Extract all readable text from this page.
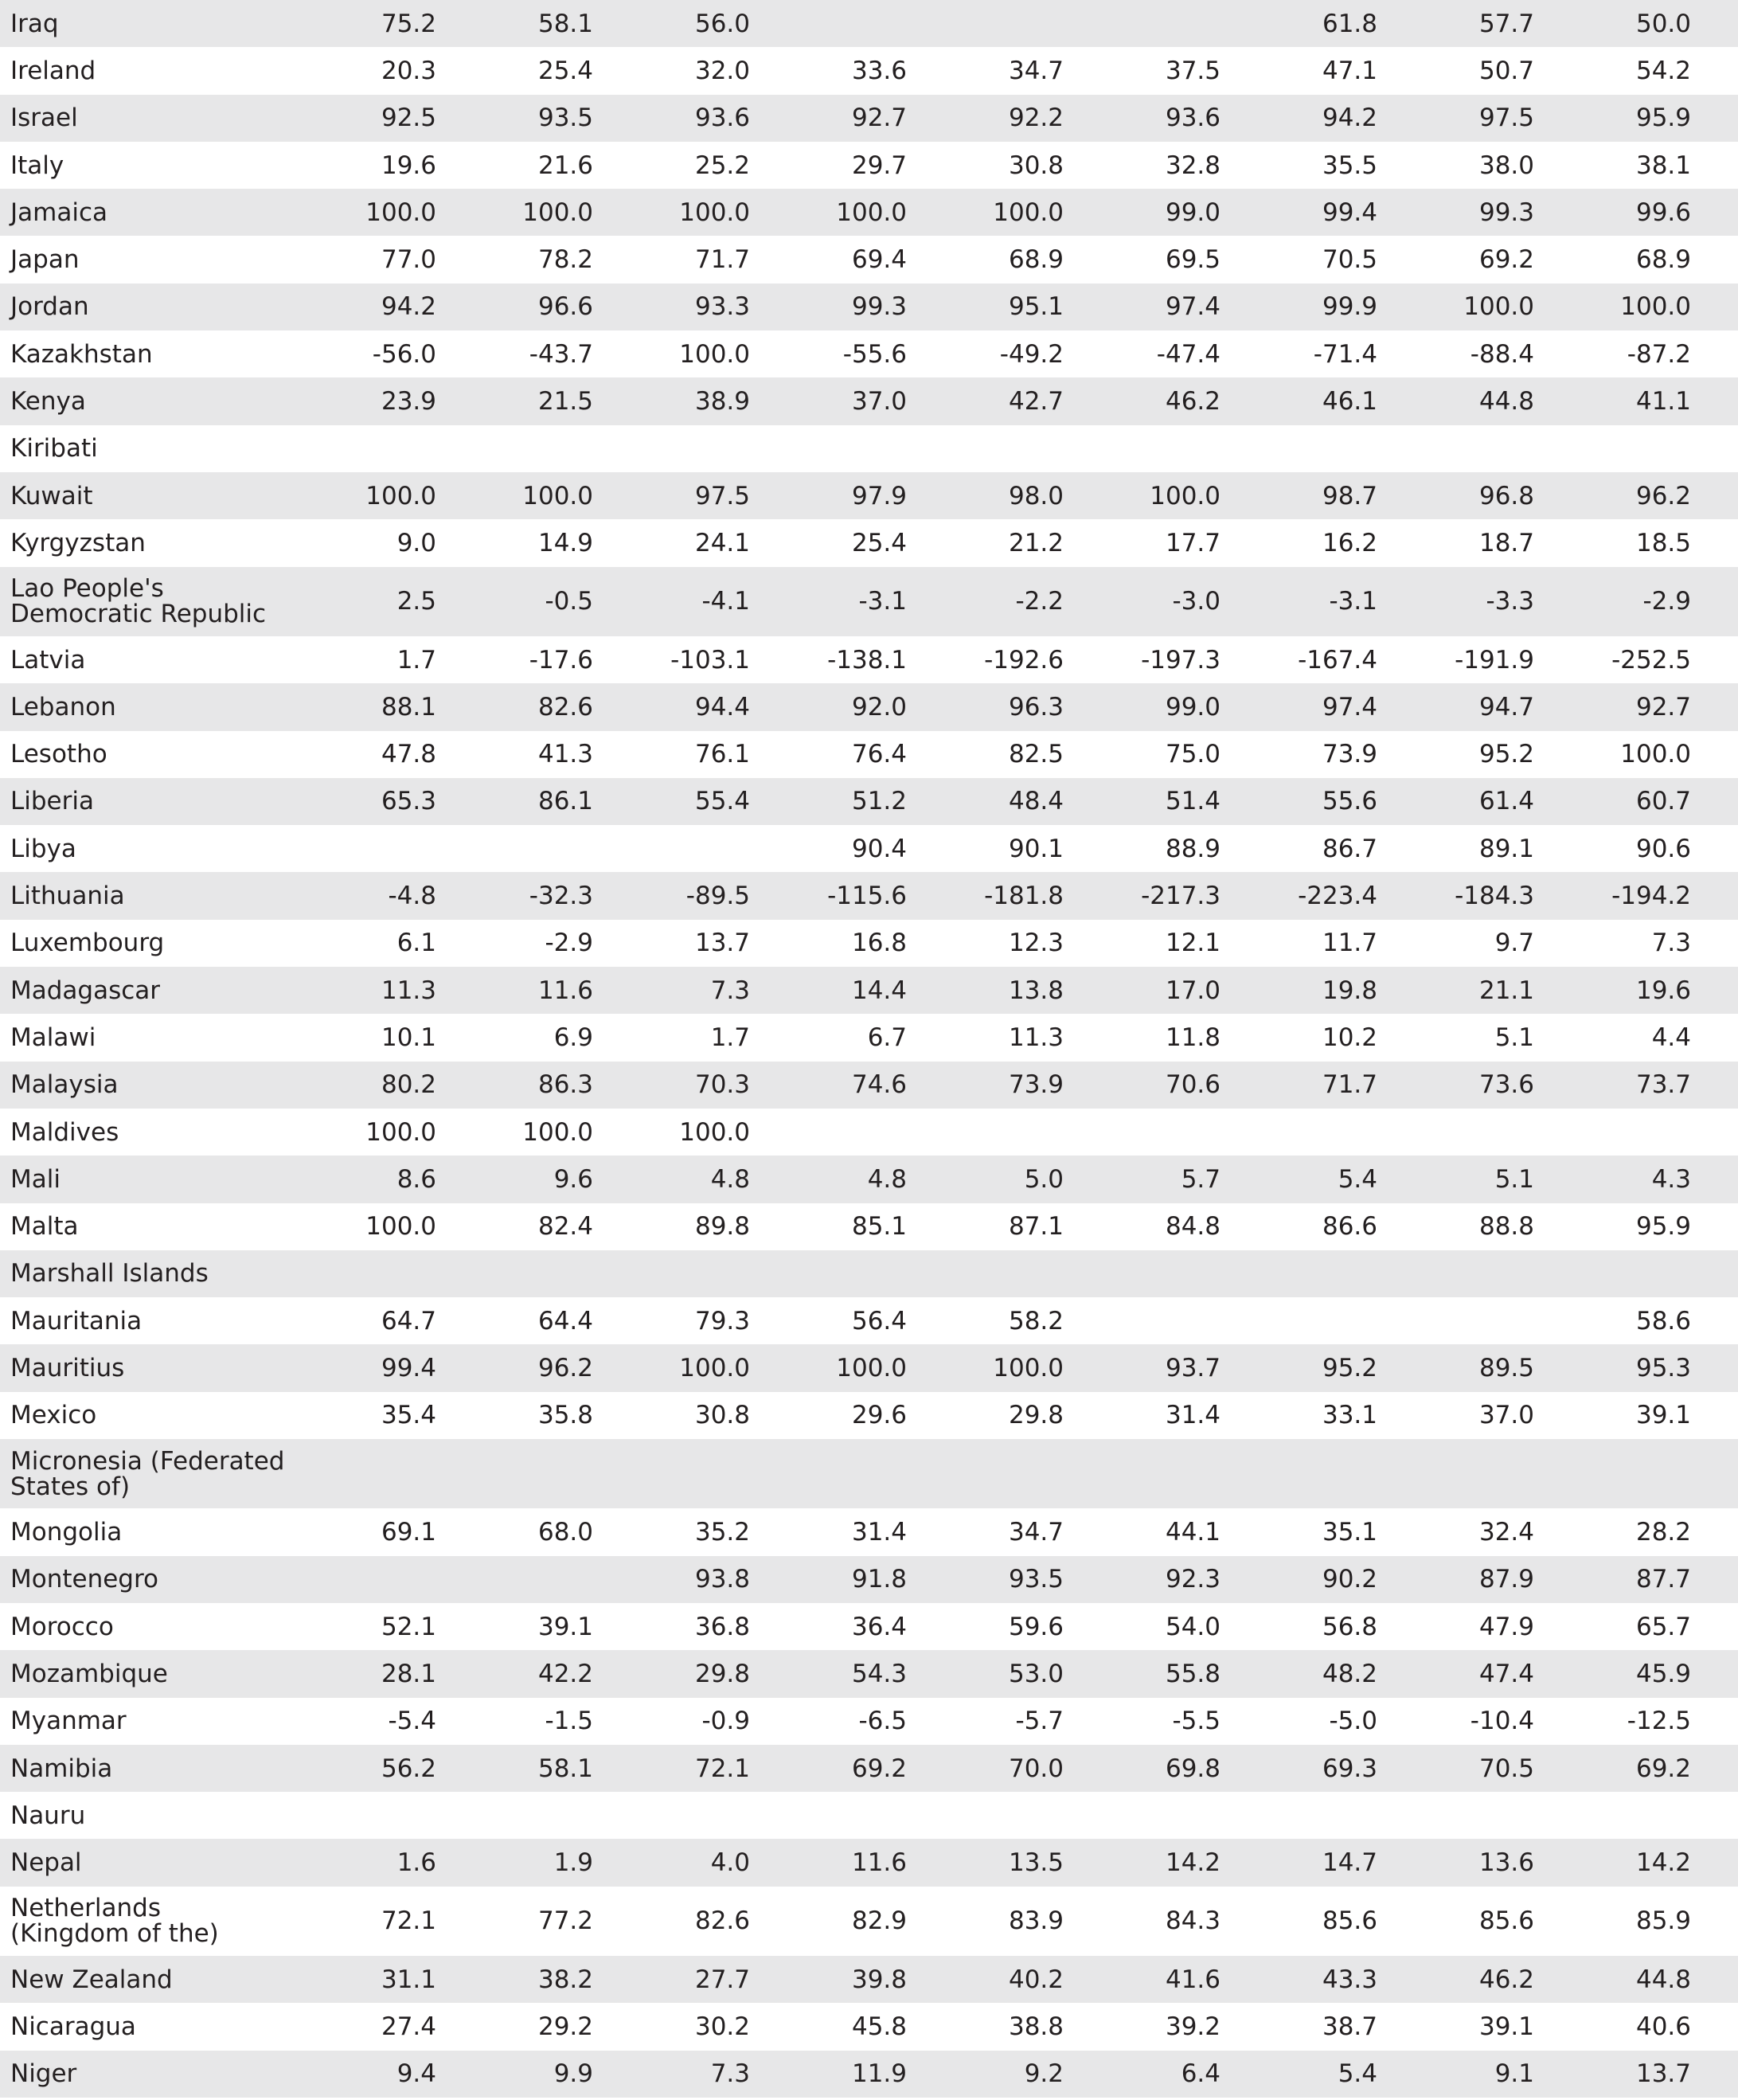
Iraq	75.2	58.1	56.0				61.8	57.7	50.0	
Ireland	20.3	25.4	32.0	33.6	34.7	37.5	47.1	50.7	54.2	
Israel	92.5	93.5	93.6	92.7	92.2	93.6	94.2	97.5	95.9	
Italy	19.6	21.6	25.2	29.7	30.8	32.8	35.5	38.0	38.1	
Jamaica	100.0	100.0	100.0	100.0	100.0	99.0	99.4	99.3	99.6	
Japan	77.0	78.2	71.7	69.4	68.9	69.5	70.5	69.2	68.9	
Jordan	94.2	96.6	93.3	99.3	95.1	97.4	99.9	100.0	100.0	
Kazakhstan	-56.0	-43.7	100.0	-55.6	-49.2	-47.4	-71.4	-88.4	-87.2	
Kenya	23.9	21.5	38.9	37.0	42.7	46.2	46.1	44.8	41.1	
Kiribati										
Kuwait	100.0	100.0	97.5	97.9	98.0	100.0	98.7	96.8	96.2	
Kyrgyzstan	9.0	14.9	24.1	25.4	21.2	17.7	16.2	18.7	18.5	
Lao People's Democratic Republic	2.5	-0.5	-4.1	-3.1	-2.2	-3.0	-3.1	-3.3	-2.9	
Latvia	1.7	-17.6	-103.1	-138.1	-192.6	-197.3	-167.4	-191.9	-252.5	
Lebanon	88.1	82.6	94.4	92.0	96.3	99.0	97.4	94.7	92.7	
Lesotho	47.8	41.3	76.1	76.4	82.5	75.0	73.9	95.2	100.0	
Liberia	65.3	86.1	55.4	51.2	48.4	51.4	55.6	61.4	60.7	
Libya				90.4	90.1	88.9	86.7	89.1	90.6	
Lithuania	-4.8	-32.3	-89.5	-115.6	-181.8	-217.3	-223.4	-184.3	-194.2	
Luxembourg	6.1	-2.9	13.7	16.8	12.3	12.1	11.7	9.7	7.3	
Madagascar	11.3	11.6	7.3	14.4	13.8	17.0	19.8	21.1	19.6	
Malawi	10.1	6.9	1.7	6.7	11.3	11.8	10.2	5.1	4.4	
Malaysia	80.2	86.3	70.3	74.6	73.9	70.6	71.7	73.6	73.7	
Maldives	100.0	100.0	100.0							
Mali	8.6	9.6	4.8	4.8	5.0	5.7	5.4	5.1	4.3	
Malta	100.0	82.4	89.8	85.1	87.1	84.8	86.6	88.8	95.9	
Marshall Islands										
Mauritania	64.7	64.4	79.3	56.4	58.2				58.6	
Mauritius	99.4	96.2	100.0	100.0	100.0	93.7	95.2	89.5	95.3	
Mexico	35.4	35.8	30.8	29.6	29.8	31.4	33.1	37.0	39.1	
Micronesia (Federated States of)										
Mongolia	69.1	68.0	35.2	31.4	34.7	44.1	35.1	32.4	28.2	
Montenegro			93.8	91.8	93.5	92.3	90.2	87.9	87.7	
Morocco	52.1	39.1	36.8	36.4	59.6	54.0	56.8	47.9	65.7	
Mozambique	28.1	42.2	29.8	54.3	53.0	55.8	48.2	47.4	45.9	
Myanmar	-5.4	-1.5	-0.9	-6.5	-5.7	-5.5	-5.0	-10.4	-12.5	
Namibia	56.2	58.1	72.1	69.2	70.0	69.8	69.3	70.5	69.2	
Nauru										
Nepal	1.6	1.9	4.0	11.6	13.5	14.2	14.7	13.6	14.2	
Netherlands (Kingdom of the)	72.1	77.2	82.6	82.9	83.9	84.3	85.6	85.6	85.9	
New Zealand	31.1	38.2	27.7	39.8	40.2	41.6	43.3	46.2	44.8	
Nicaragua	27.4	29.2	30.2	45.8	38.8	39.2	38.7	39.1	40.6	
Niger	9.4	9.9	7.3	11.9	9.2	6.4	5.4	9.1	13.7	
